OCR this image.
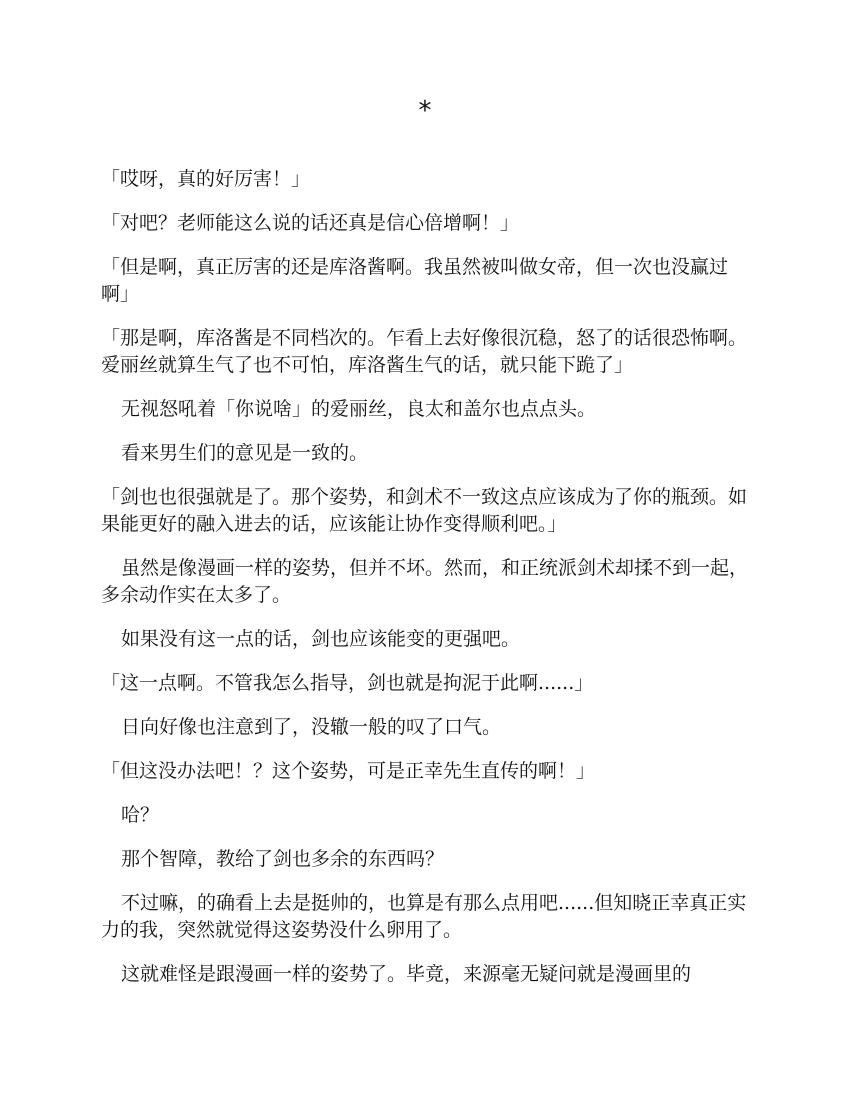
*

「哎呀，真的好厉害！」

「对吧？老师能这么说的话还真是信心倍增啊！」

「但是啊，真正厉害的还是库洛酱啊。我虽然被叫做女帝，但一次也没赢过啊」

「那是啊，库洛酱是不同档次的。乍看上去好像很沉稳，怒了的话很恐怖啊。爱丽丝就算生气了也不可怕，库洛酱生气的话，就只能下跪了」

无视怒吼着「你说啥」的爱丽丝，良太和盖尔也点点头。

看来男生们的意见是一致的。

「剑也也很强就是了。那个姿势，和剑术不一致这点应该成为了你的瓶颈。如果能更好的融入进去的话，应该能让协作变得顺利吧。」

虽然是像漫画一样的姿势，但并不坏。然而，和正统派剑术却揉不到一起，多余动作实在太多了。

如果没有这一点的话，剑也应该能变的更强吧。

「这一点啊。不管我怎么指导，剑也就是拘泥于此啊......」

日向好像也注意到了，没辙一般的叹了口气。

「但这没办法吧！？这个姿势，可是正幸先生直传的啊！」

哈？

那个智障，教给了剑也多余的东西吗？

不过嘛，的确看上去是挺帅的，也算是有那么点用吧......但知晓正幸真正实力的我，突然就觉得这姿势没什么卵用了。

这就难怪是跟漫画一样的姿势了。毕竟，来源毫无疑问就是漫画里的
